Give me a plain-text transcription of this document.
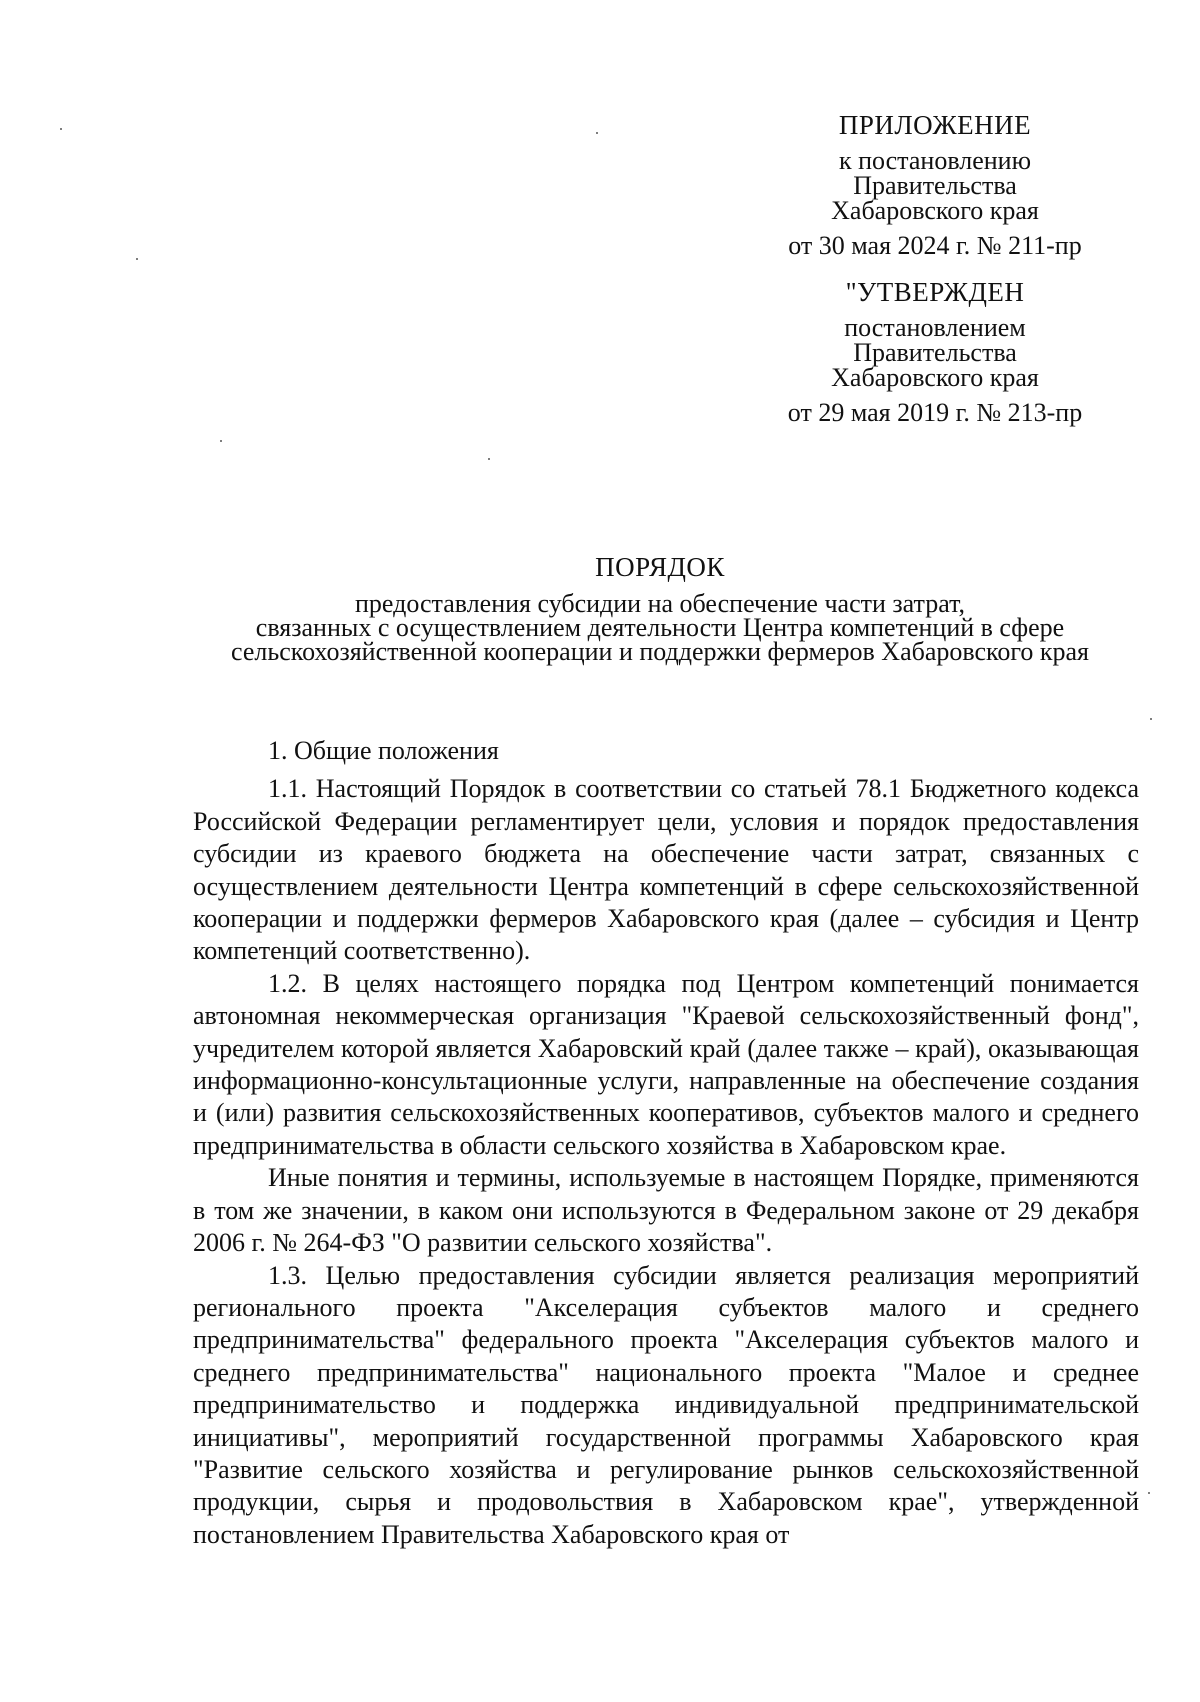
ПРИЛОЖЕНИЕ
к постановлению
Правительства
Хабаровского края
от 30 мая 2024 г. № 211-пр
"УТВЕРЖДЕН
постановлением
Правительства
Хабаровского края
от 29 мая 2019 г. № 213-пр
ПОРЯДОК
предоставления субсидии на обеспечение части затрат,
связанных с осуществлением деятельности Центра компетенций в сфере
сельскохозяйственной кооперации и поддержки фермеров Хабаровского края
1. Общие положения

1.1. Настоящий Порядок в соответствии со статьей 78.1 Бюджетного кодекса Российской Федерации регламентирует цели, условия и порядок предоставления субсидии из краевого бюджета на обеспечение части затрат, связанных с осуществлением деятельности Центра компетенций в сфере сельскохозяйственной кооперации и поддержки фермеров Хабаровского края (далее – субсидия и Центр компетенций соответственно).

1.2. В целях настоящего порядка под Центром компетенций понимается автономная некоммерческая организация "Краевой сельскохозяйственный фонд", учредителем которой является Хабаровский край (далее также – край), оказывающая информационно-консультационные услуги, направленные на обеспечение создания и (или) развития сельскохозяйственных кооперативов, субъектов малого и среднего предпринимательства в области сельского хозяйства в Хабаровском крае.

Иные понятия и термины, используемые в настоящем Порядке, применяются в том же значении, в каком они используются в Федеральном законе от 29 декабря 2006 г. № 264-ФЗ "О развитии сельского хозяйства".

1.3. Целью предоставления субсидии является реализация мероприятий регионального проекта "Акселерация субъектов малого и среднего предпринимательства" федерального проекта "Акселерация субъектов малого и среднего предпринимательства" национального проекта "Малое и среднее предпринимательство и поддержка индивидуальной предпринимательской инициативы", мероприятий государственной программы Хабаровского края "Развитие сельского хозяйства и регулирование рынков сельскохозяйственной продукции, сырья и продовольствия в Хабаровском крае", утвержденной постановлением Правительства Хабаровского края от
